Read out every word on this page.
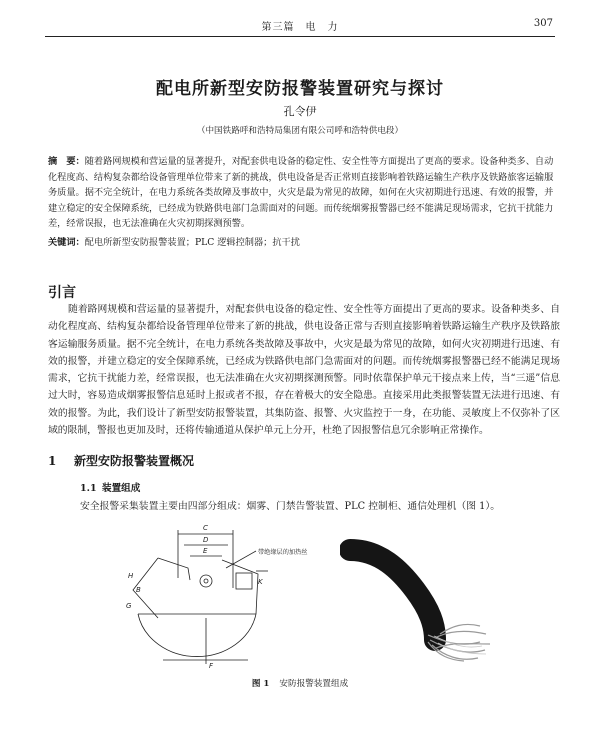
第三篇　电　力	307
配电所新型安防报警装置研究与探讨
孔令伊
（中国铁路呼和浩特局集团有限公司呼和浩特供电段）
摘　要：随着路网规模和营运量的显著提升，对配套供电设备的稳定性、安全性等方面提出了更高的要求。设备种类多、自动化程度高、结构复杂都给设备管理单位带来了新的挑战，供电设备是否正常则直接影响着铁路运输生产秩序及铁路旅客运输服务质量。据不完全统计，在电力系统各类故障及事故中，火灾是最为常见的故障，如何在火灾初期进行迅速、有效的报警，并建立稳定的安全保障系统，已经成为铁路供电部门急需面对的问题。而传统烟雾报警器已经不能满足现场需求，它抗干扰能力差，经常误报，也无法准确在火灾初期探测预警。
关键词：配电所新型安防报警装置；PLC 逻辑控制器；抗干扰
引言
随着路网规模和营运量的显著提升，对配套供电设备的稳定性、安全性等方面提出了更高的要求。设备种类多、自动化程度高、结构复杂都给设备管理单位带来了新的挑战，供电设备正常与否则直接影响着铁路运输生产秩序及铁路旅客运输服务质量。据不完全统计，在电力系统各类故障及事故中，火灾是最为常见的故障，如何火灾初期进行迅速、有效的报警，并建立稳定的安全保障系统，已经成为铁路供电部门急需面对的问题。而传统烟雾报警器已经不能满足现场需求，它抗干扰能力差，经常误报，也无法准确在火灾初期探测预警。同时依靠保护单元干接点来上传，当“三遥”信息过大时，容易造成烟雾报警信息延时上报或者不报，存在着极大的安全隐患。直接采用此类报警装置无法进行迅速、有效的报警。为此，我们设计了新型安防报警装置，其集防盗、报警、火灾监控于一身，在功能、灵敏度上不仅弥补了区域的限制，警报也更加及时，还将传输通道从保护单元上分开，杜绝了因报警信息冗余影响正常操作。
1 新型安防报警装置概况
1.1 装置组成
安全报警采集装置主要由四部分组成：烟雾、门禁告警装置、PLC 控制柜、通信处理机（图 1）。
C
D
E
H
B
G
K
F
带绝缘层的加热丝
图 1 安防报警装置组成
